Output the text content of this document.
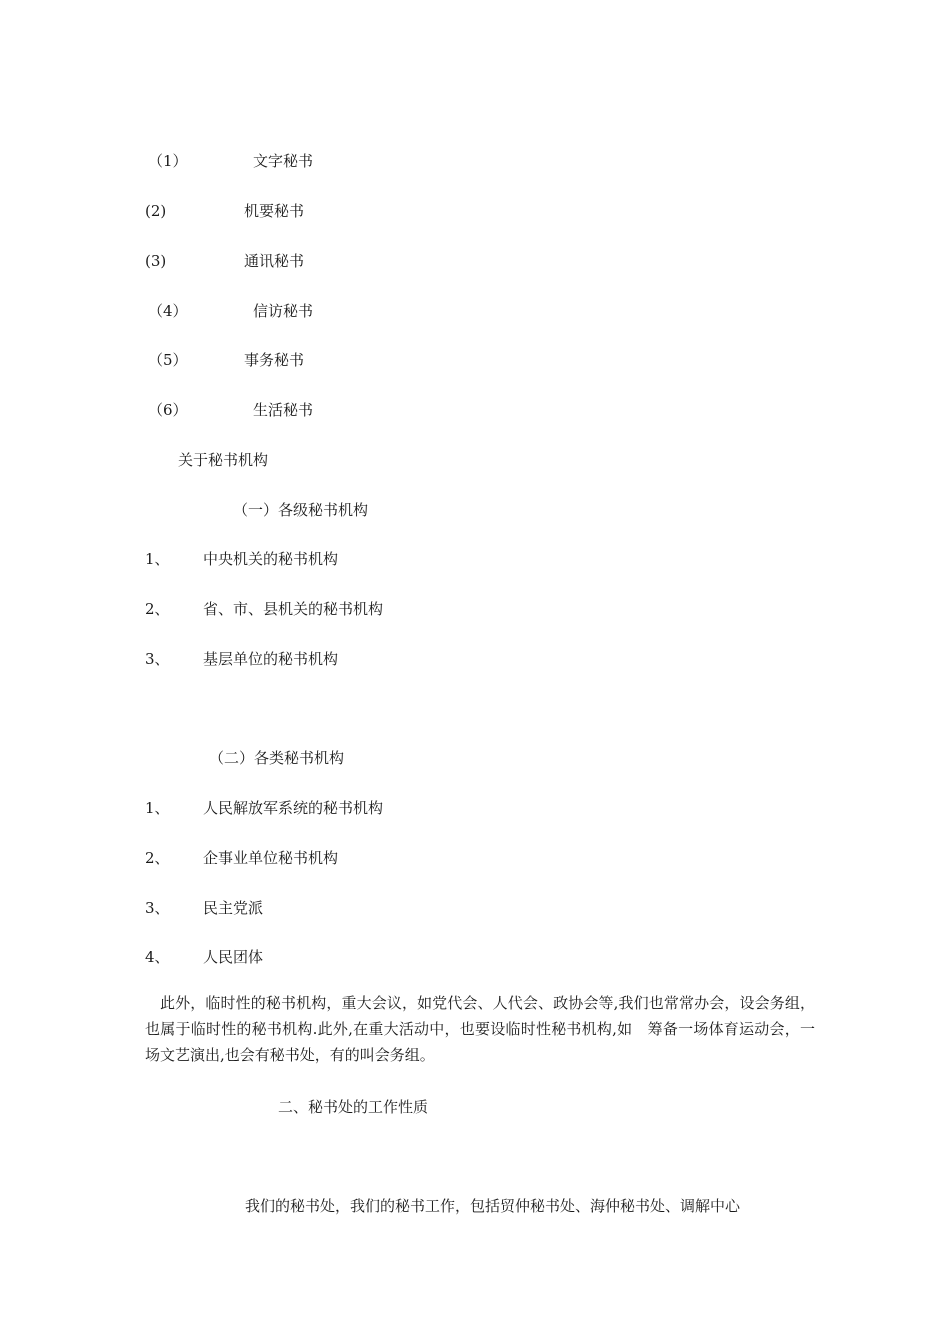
（1）	文字秘书
(2)	机要秘书
(3)	通讯秘书
（4）	信访秘书
（5）	事务秘书
（6）	生活秘书
关于秘书机构
（一）各级秘书机构
1、 中央机关的秘书机构
2、 省、市、县机关的秘书机构
3、 基层单位的秘书机构
（二）各类秘书机构
1、 人民解放军系统的秘书机构
2、 企事业单位秘书机构
3、 民主党派
4、 人民团体

此外，临时性的秘书机构，重大会议，如党代会、人代会、政协会等,我们也常常办会，设会务组，也属于临时性的秘书机构.此外,在重大活动中，也要设临时性秘书机构,如　筹备一场体育运动会，一场文艺演出,也会有秘书处，有的叫会务组。

二、秘书处的工作性质
我们的秘书处，我们的秘书工作，包括贸仲秘书处、海仲秘书处、调解中心
